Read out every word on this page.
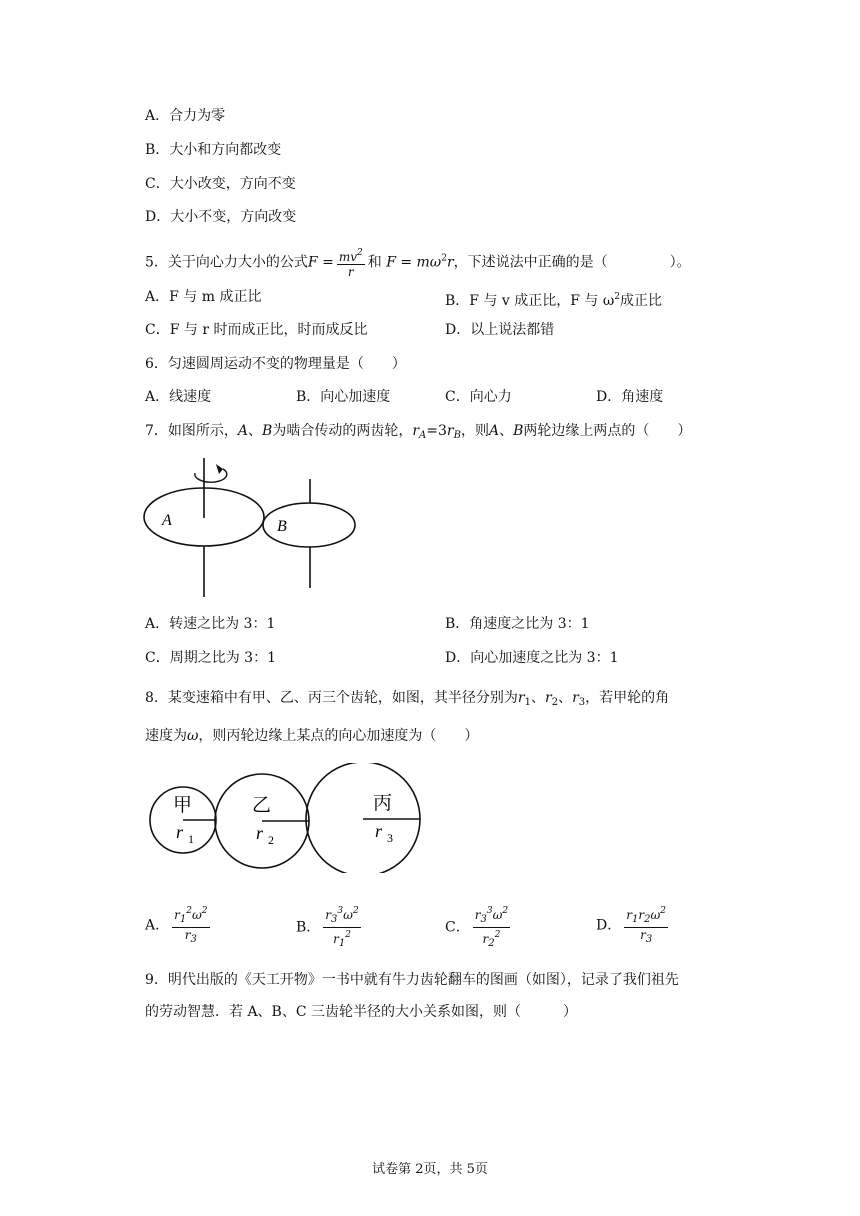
A．合力为零
B．大小和方向都改变
C．大小改变，方向不变
D．大小不变，方向改变
5．关于向心力大小的公式$F = \frac{mv^2}{r}$ 和 $F = m\omega^2r$，下述说法中正确的是（	）。
A．F 与 m 成正比	B．F 与 v 成正比，F 与 $\omega^2$成正比
C．F 与 r 时而成正比，时而成反比	D．以上说法都错
6．匀速圆周运动不变的物理量是（　　）
A．线速度	B．向心加速度	C．向心力	D．角速度
7．如图所示，A、B为啮合传动的两齿轮，$r_A=3r_B$，则A、B两轮边缘上两点的（　　）
A	B
A．转速之比为 3：1	B．角速度之比为 3：1
C．周期之比为 3：1	D．向心加速度之比为 3：1
8．某变速箱中有甲、乙、丙三个齿轮，如图，其半径分别为$r_1$、$r_2$、$r_3$，若甲轮的角
速度为ω，则丙轮边缘上某点的向心加速度为（　　）
甲	乙	丙
r 1	r 2	r 3
A． $\frac{r_1^2\omega^2}{r_3}$	B． $\frac{r_3^3\omega^2}{r_1^2}$	C． $\frac{r_3^3\omega^2}{r_2^2}$	D． $\frac{r_1r_2\omega^2}{r_3}$
9．明代出版的《天工开物》一书中就有牛力齿轮翻车的图画（如图），记录了我们祖先
的劳动智慧．若 A、B、C 三齿轮半径的大小关系如图，则（　　　）
试卷第 2页，共 5页
